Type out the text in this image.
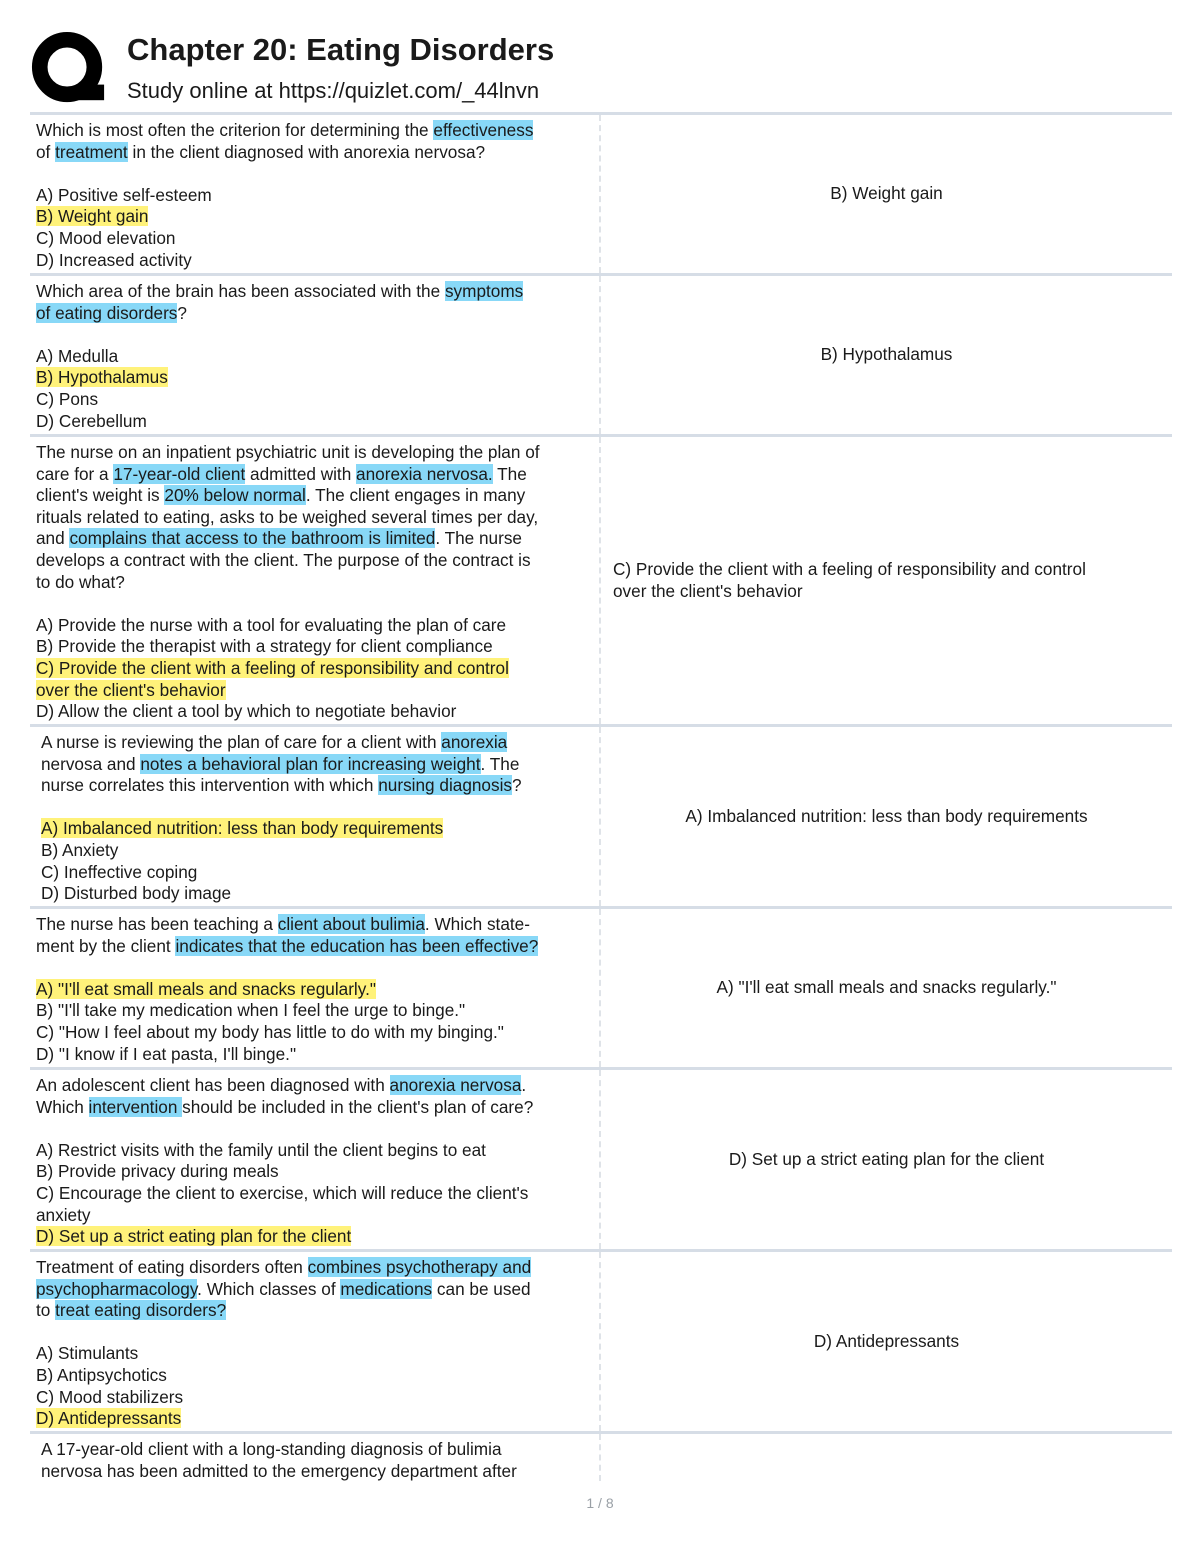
Chapter 20: Eating Disorders
Study online at https://quizlet.com/_44lnvn
Which is most often the criterion for determining the effectiveness
of treatment in the client diagnosed with anorexia nervosa?
A) Positive self-esteem
B) Weight gain
C) Mood elevation
D) Increased activity
B) Weight gain
Which area of the brain has been associated with the symptoms
of eating disorders?
A) Medulla
B) Hypothalamus
C) Pons
D) Cerebellum
B) Hypothalamus
The nurse on an inpatient psychiatric unit is developing the plan of
care for a 17-year-old client admitted with anorexia nervosa. The
client's weight is 20% below normal. The client engages in many
rituals related to eating, asks to be weighed several times per day,
and complains that access to the bathroom is limited. The nurse
develops a contract with the client. The purpose of the contract is
to do what?
A) Provide the nurse with a tool for evaluating the plan of care
B) Provide the therapist with a strategy for client compliance
C) Provide the client with a feeling of responsibility and control
over the client's behavior
D) Allow the client a tool by which to negotiate behavior
C) Provide the client with a feeling of responsibility and control
over the client's behavior
A nurse is reviewing the plan of care for a client with anorexia
nervosa and notes a behavioral plan for increasing weight. The
nurse correlates this intervention with which nursing diagnosis?
A) Imbalanced nutrition: less than body requirements
B) Anxiety
C) Ineffective coping
D) Disturbed body image
A) Imbalanced nutrition: less than body requirements
The nurse has been teaching a client about bulimia. Which state-
ment by the client indicates that the education has been effective?
A) "I'll eat small meals and snacks regularly."
B) "I'll take my medication when I feel the urge to binge."
C) "How I feel about my body has little to do with my binging."
D) "I know if I eat pasta, I'll binge."
A) "I'll eat small meals and snacks regularly."
An adolescent client has been diagnosed with anorexia nervosa.
Which intervention should be included in the client's plan of care?
A) Restrict visits with the family until the client begins to eat
B) Provide privacy during meals
C) Encourage the client to exercise, which will reduce the client's
anxiety
D) Set up a strict eating plan for the client
D) Set up a strict eating plan for the client
Treatment of eating disorders often combines psychotherapy and
psychopharmacology. Which classes of medications can be used
to treat eating disorders?
A) Stimulants
B) Antipsychotics
C) Mood stabilizers
D) Antidepressants
D) Antidepressants
A 17-year-old client with a long-standing diagnosis of bulimia
nervosa has been admitted to the emergency department after
1 / 8
